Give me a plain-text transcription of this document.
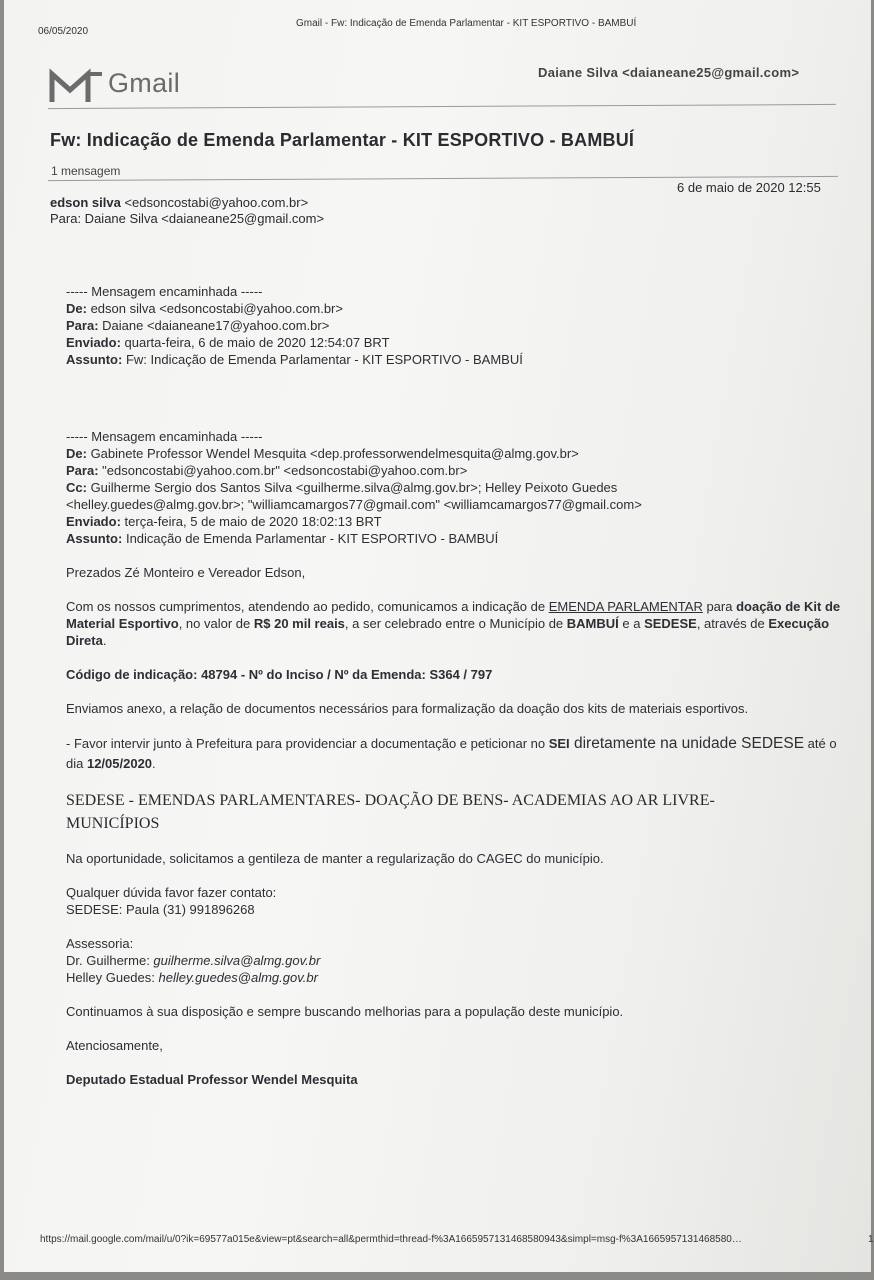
06/05/2020
Gmail - Fw: Indicação de Emenda Parlamentar - KIT ESPORTIVO - BAMBUÍ
Gmail	Daiane Silva <daianeane25@gmail.com>
Fw: Indicação de Emenda Parlamentar - KIT ESPORTIVO - BAMBUÍ
1 mensagem
edson silva <edsoncostabi@yahoo.com.br>
6 de maio de 2020 12:55
Para: Daiane Silva <daianeane25@gmail.com>
----- Mensagem encaminhada -----
De: edson silva <edsoncostabi@yahoo.com.br>
Para: Daiane <daianeane17@yahoo.com.br>
Enviado: quarta-feira, 6 de maio de 2020 12:54:07 BRT
Assunto: Fw: Indicação de Emenda Parlamentar - KIT ESPORTIVO - BAMBUÍ
----- Mensagem encaminhada -----
De: Gabinete Professor Wendel Mesquita <dep.professorwendelmesquita@almg.gov.br>
Para: "edsoncostabi@yahoo.com.br" <edsoncostabi@yahoo.com.br>
Cc: Guilherme Sergio dos Santos Silva <guilherme.silva@almg.gov.br>; Helley Peixoto Guedes
<helley.guedes@almg.gov.br>; "williamcamargos77@gmail.com" <williamcamargos77@gmail.com>
Enviado: terça-feira, 5 de maio de 2020 18:02:13 BRT
Assunto: Indicação de Emenda Parlamentar - KIT ESPORTIVO - BAMBUÍ

Prezados Zé Monteiro e Vereador Edson,

Com os nossos cumprimentos, atendendo ao pedido, comunicamos a indicação de EMENDA PARLAMENTAR para doação de Kit de Material Esportivo, no valor de R$ 20 mil reais, a ser celebrado entre o Município de BAMBUÍ e a SEDESE, através de Execução Direta.

Código de indicação: 48794 - Nº do Inciso / Nº da Emenda: S364 / 797

Enviamos anexo, a relação de documentos necessários para formalização da doação dos kits de materiais esportivos.

- Favor intervir junto à Prefeitura para providenciar a documentação e peticionar no SEI diretamente na unidade SEDESE até o dia 12/05/2020.

SEDESE - EMENDAS PARLAMENTARES- DOAÇÃO DE BENS- ACADEMIAS AO AR LIVRE- MUNICÍPIOS

Na oportunidade, solicitamos a gentileza de manter a regularização do CAGEC do município.

Qualquer dúvida favor fazer contato:

SEDESE: Paula (31) 991896268

Assessoria:

Dr. Guilherme: guilherme.silva@almg.gov.br

Helley Guedes: helley.guedes@almg.gov.br

Continuamos à sua disposição e sempre buscando melhorias para a população deste município.

Atenciosamente,

Deputado Estadual Professor Wendel Mesquita

https://mail.google.com/mail/u/0?ik=69577a015e&view=pt&search=all&permthid=thread-f%3A1665957131468580943&simpl=msg-f%3A1665957131468580…	1
